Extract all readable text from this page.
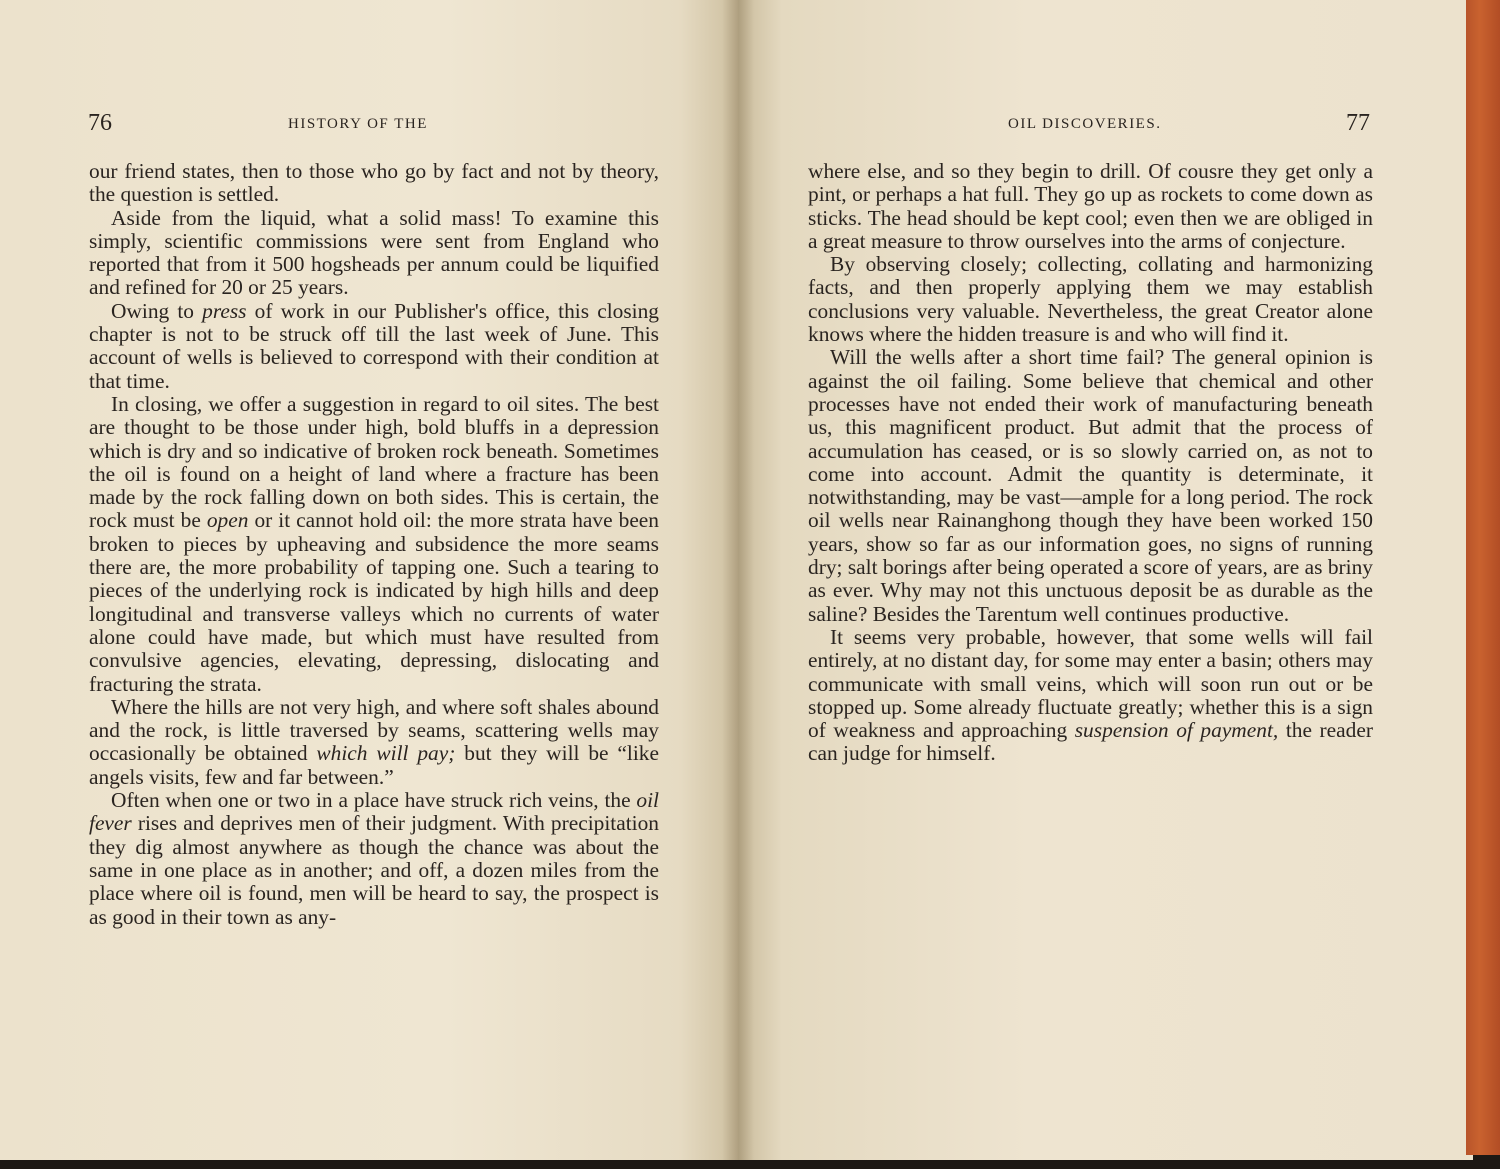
76	HISTORY OF THE

our friend states, then to those who go by fact and not by theory, the question is settled.

Aside from the liquid, what a solid mass! To examine this simply, scientific commissions were sent from England who reported that from it 500 hogsheads per annum could be liquified and refined for 20 or 25 years.

Owing to press of work in our Publisher's office, this closing chapter is not to be struck off till the last week of June. This account of wells is believed to correspond with their condition at that time.

In closing, we offer a suggestion in regard to oil sites. The best are thought to be those under high, bold bluffs in a depression which is dry and so indicative of broken rock beneath. Sometimes the oil is found on a height of land where a fracture has been made by the rock falling down on both sides. This is certain, the rock must be open or it cannot hold oil: the more strata have been broken to pieces by upheaving and subsidence the more seams there are, the more probability of tapping one. Such a tearing to pieces of the underlying rock is indicated by high hills and deep longitudinal and transverse valleys which no currents of water alone could have made, but which must have resulted from convulsive agencies, elevating, depressing, dislocating and fracturing the strata.

Where the hills are not very high, and where soft shales abound and the rock, is little traversed by seams, scattering wells may occasionally be obtained which will pay; but they will be “like angels visits, few and far between.”

Often when one or two in a place have struck rich veins, the oil fever rises and deprives men of their judgment. With precipitation they dig almost anywhere as though the chance was about the same in one place as in another; and off, a dozen miles from the place where oil is found, men will be heard to say, the prospect is as good in their town as any-

OIL DISCOVERIES.	77

where else, and so they begin to drill. Of cousre they get only a pint, or perhaps a hat full. They go up as rockets to come down as sticks. The head should be kept cool; even then we are obliged in a great measure to throw ourselves into the arms of conjecture.

By observing closely; collecting, collating and harmonizing facts, and then properly applying them we may establish conclusions very valuable. Nevertheless, the great Creator alone knows where the hidden treasure is and who will find it.

Will the wells after a short time fail? The general opinion is against the oil failing. Some believe that chemical and other processes have not ended their work of manufacturing beneath us, this magnificent product. But admit that the process of accumulation has ceased, or is so slowly carried on, as not to come into account. Admit the quantity is determinate, it notwithstanding, may be vast—ample for a long period. The rock oil wells near Rainanghong though they have been worked 150 years, show so far as our information goes, no signs of running dry; salt borings after being operated a score of years, are as briny as ever. Why may not this unctuous deposit be as durable as the saline? Besides the Tarentum well continues productive.

It seems very probable, however, that some wells will fail entirely, at no distant day, for some may enter a basin; others may communicate with small veins, which will soon run out or be stopped up. Some already fluctuate greatly; whether this is a sign of weakness and approaching suspension of payment, the reader can judge for himself.
